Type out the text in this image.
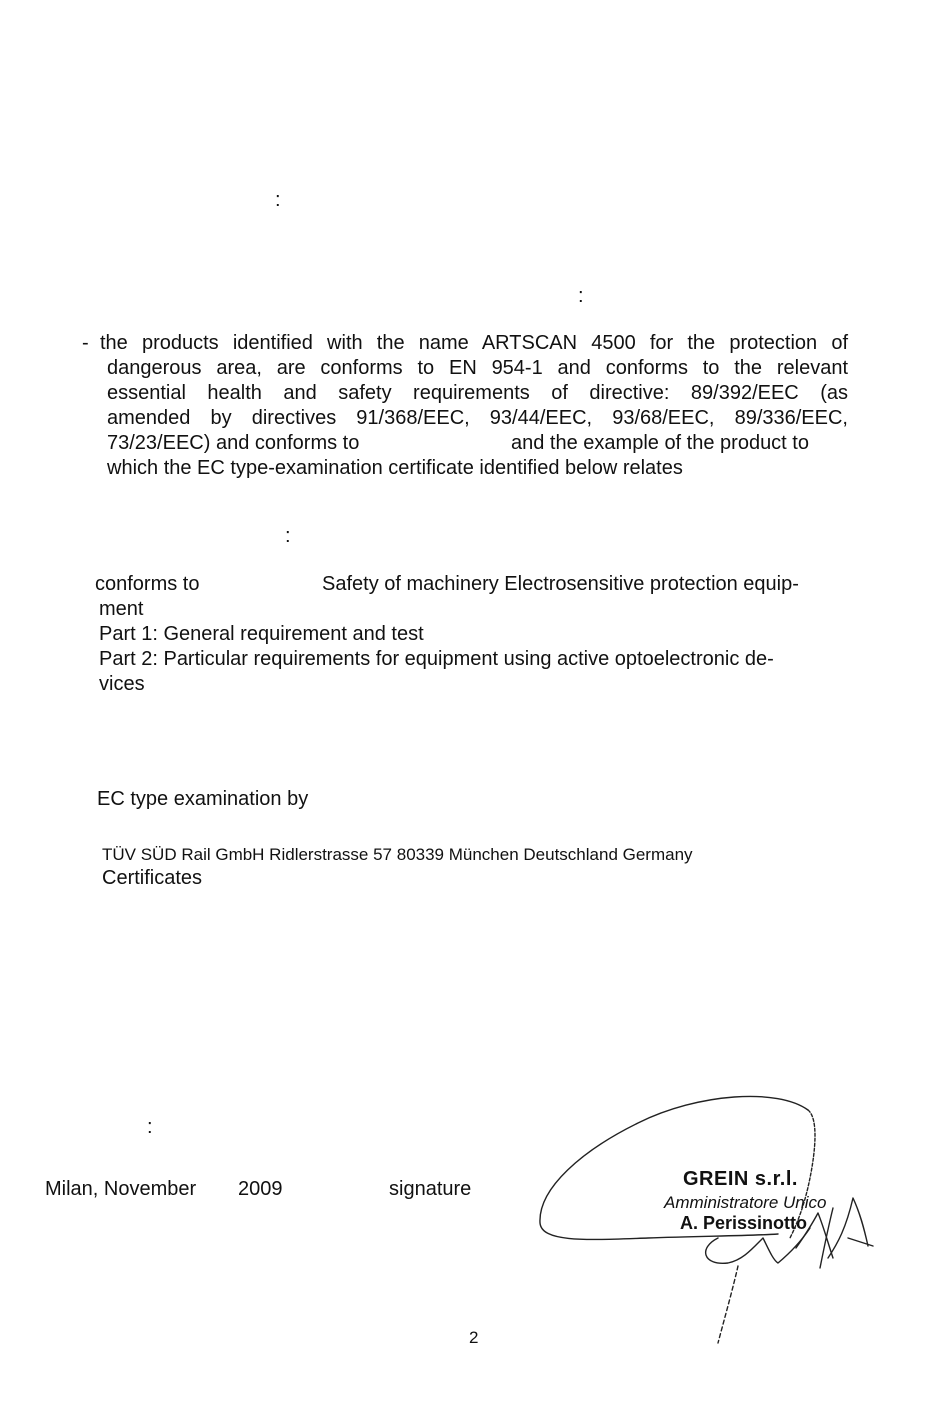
:
:
:
:
- the products identified with the name ARTSCAN 4500 for the protection of
dangerous area, are conforms to EN 954-1 and conforms to the relevant
essential health and safety requirements of directive: 89/392/EEC (as
amended by directives 91/368/EEC, 93/44/EEC, 93/68/EEC, 89/336/EEC,
73/23/EEC) and conforms to	and the example of the product to
which the EC type-examination certificate identified below relates
conforms to	Safety of machinery Electrosensitive protection equip-
ment
Part 1: General requirement and test
Part 2: Particular requirements for equipment using active optoelectronic de-
vices
EC type examination by
TÜV SÜD Rail GmbH Ridlerstrasse 57 80339 München Deutschland Germany
Certificates
Milan, November 2009	signature
2
GREIN s.r.l.
Amministratore Unico
A. Perissinotto
